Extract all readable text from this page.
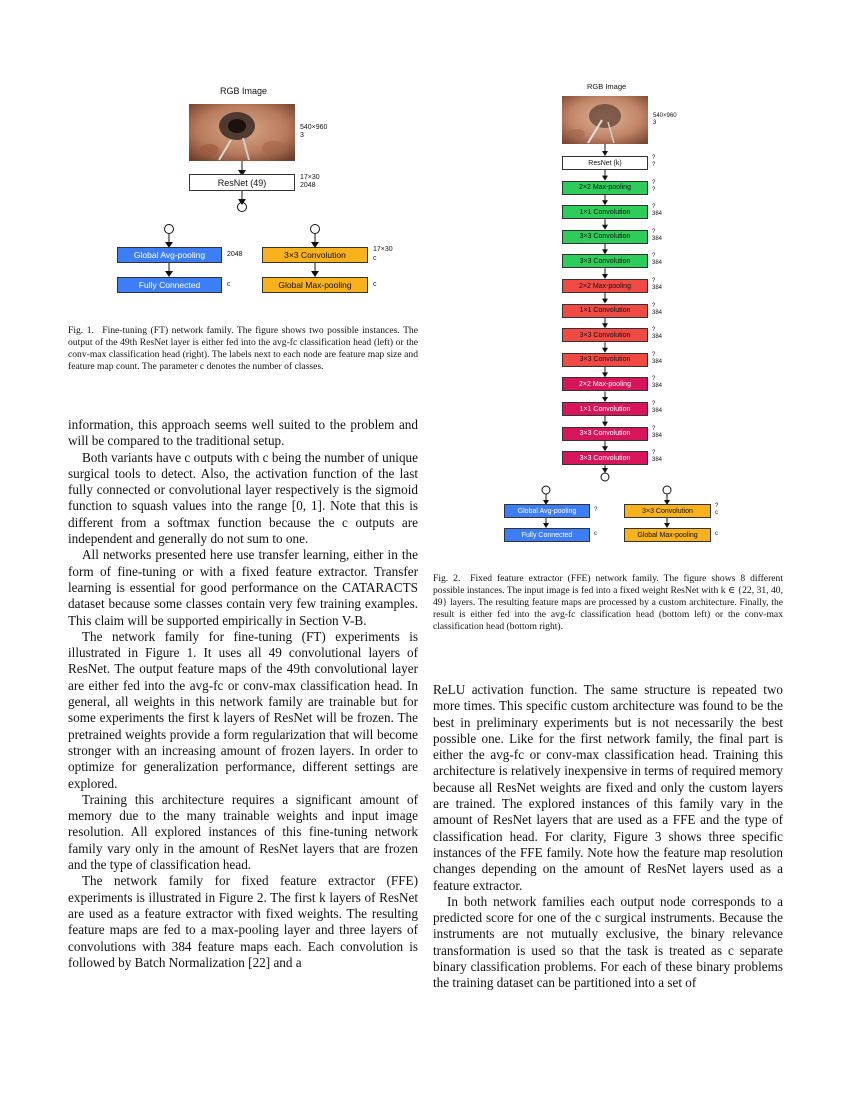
RGB Image
540×960
3
ResNet (49)	17×30
2048
Global Avg-pooling	2048
Fully Connected	c
3×3 Convolution
17×30
c
Global Max-pooling	c
Fig. 1.  Fine-tuning (FT) network family. The figure shows two possible instances. The output of the 49th ResNet layer is either fed into the avg-fc classification head (left) or the conv-max classification head (right). The labels next to each node are feature map size and feature map count. The parameter c denotes the number of classes.
RGB Image
540×960
3
ResNet (k)
?
?
2×2 Max-pooling
?
?
1×1 Convolution
?
384
3×3 Convolution
?
384
3×3 Convolution
?
384
2×2 Max-pooling
?
384
1×1 Convolution
?
384
3×3 Convolution
?
384
3×3 Convolution
?
384
2×2 Max-pooling
?
384
1×1 Convolution
?
384
3×3 Convolution
?
384
3×3 Convolution
?
384
Global Avg-pooling	?
Fully Connected	c
3×3 Convolution
?
c
Global Max-pooling	c
Fig. 2.  Fixed feature extractor (FFE) network family. The figure shows 8 different possible instances. The input image is fed into a fixed weight ResNet with k ∈ {22, 31, 40, 49} layers. The resulting feature maps are processed by a custom architecture. Finally, the result is either fed into the avg-fc classification head (bottom left) or the conv-max classification head (bottom right).

information, this approach seems well suited to the problem and will be compared to the traditional setup.

Both variants have c outputs with c being the number of unique surgical tools to detect. Also, the activation function of the last fully connected or convolutional layer respectively is the sigmoid function to squash values into the range [0, 1]. Note that this is different from a softmax function because the c outputs are independent and generally do not sum to one.

All networks presented here use transfer learning, either in the form of fine-tuning or with a fixed feature extractor. Transfer learning is essential for good performance on the CATARACTS dataset because some classes contain very few training examples. This claim will be supported empirically in Section V-B.

The network family for fine-tuning (FT) experiments is illustrated in Figure 1. It uses all 49 convolutional layers of ResNet. The output feature maps of the 49th convolutional layer are either fed into the avg-fc or conv-max classification head. In general, all weights in this network family are trainable but for some experiments the first k layers of ResNet will be frozen. The pretrained weights provide a form regularization that will become stronger with an increasing amount of frozen layers. In order to optimize for generalization performance, different settings are explored.

Training this architecture requires a significant amount of memory due to the many trainable weights and input image resolution. All explored instances of this fine-tuning network family vary only in the amount of ResNet layers that are frozen and the type of classification head.

The network family for fixed feature extractor (FFE) experiments is illustrated in Figure 2. The first k layers of ResNet are used as a feature extractor with fixed weights. The resulting feature maps are fed to a max-pooling layer and three layers of convolutions with 384 feature maps each. Each convolution is followed by Batch Normalization [22] and a

ReLU activation function. The same structure is repeated two more times. This specific custom architecture was found to be the best in preliminary experiments but is not necessarily the best possible one. Like for the first network family, the final part is either the avg-fc or conv-max classification head. Training this architecture is relatively inexpensive in terms of required memory because all ResNet weights are fixed and only the custom layers are trained. The explored instances of this family vary in the amount of ResNet layers that are used as a FFE and the type of classification head. For clarity, Figure 3 shows three specific instances of the FFE family. Note how the feature map resolution changes depending on the amount of ResNet layers used as a feature extractor.

In both network families each output node corresponds to a predicted score for one of the c surgical instruments. Because the instruments are not mutually exclusive, the binary relevance transformation is used so that the task is treated as c separate binary classification problems. For each of these binary problems the training dataset can be partitioned into a set of
